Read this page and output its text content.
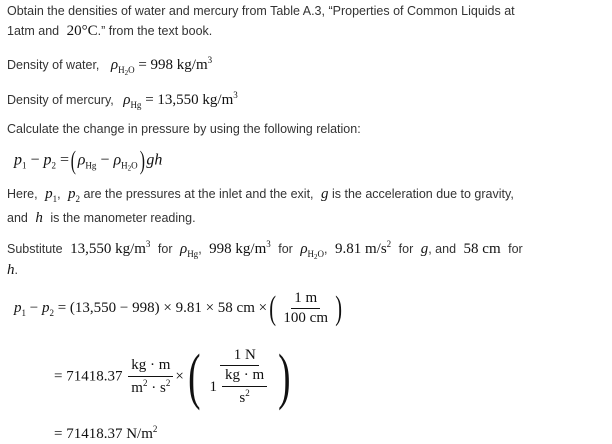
Obtain the densities of water and mercury from Table A.3, “Properties of Common Liquids at
1atm and 20°C.” from the text book.
Density of water, $\rho_{H2O} = 998$ $kg/m^3$
Density of mercury, $\rho_{Hg} = 13,550$ $kg/m^3$
Calculate the change in pressure by using the following relation:
$p_1 - p_2$ =( $\rho_{Hg} - \rho_{H2O}$) gh
Here, $p_1$, $p_2$ are the pressures at the inlet and the exit, g is the acceleration due to gravity,
and h is the manometer reading.
Substitute 13,550 $kg/m^3$ for $\rho_{Hg}$, 998 $kg/m^3$ for $\rho_{H2O}$, 9.81 $m/s^2$ for g, and 58 cm for
h.
$p_1 - p_2 = (13,550 - 998) \times 9.81 \times 58$ cm ×( $\frac{1 m}{100 cm}$ )
= $71418.37 \frac{kg \cdot m}{m^2 \cdot s^2}$ ×( $\frac{1 N}{1 \frac{kg \cdot m}{s^2}}$ )
= 71418.37 $N/m^2$
